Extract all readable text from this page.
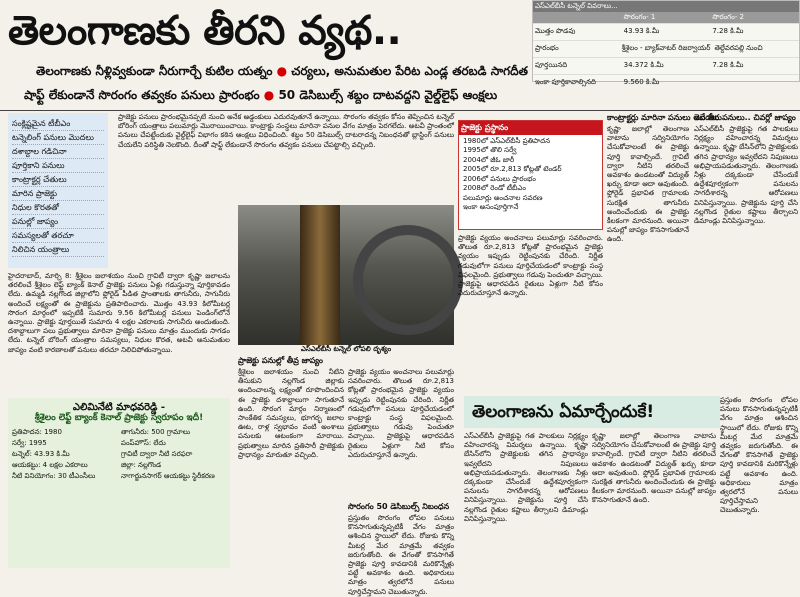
తెలంగాణకు తీరని వ్యథ..
తెలంగాణకు నీళ్లివ్వకుండా నీరుగార్చే కుటిల యత్నం ● చర్యలు, అనుమతుల పేరిట ఎండ్ల తరబడి సాగదీత
షాఫ్ట్ లేకుండానే సొరంగం తవ్వకం పనులు ప్రారంభం ● 50 డెసిబుల్స్ శబ్దం దాటవద్దని వైల్డ్‌లైఫ్ ఆంక్షలు
ఎస్‌ఎల్‌బీసీ టన్నెల్ వివరాలు...
సొరంగం- 1	సొరంగం- 2
మొత్తం పొడవు	43.93 కి.మీ	7.28 కి.మీ
ప్రారంభం	శ్రీశైలం - బ్యాక్‌వాటర్ రిజర్వాయర్ తెల్దేవరపల్లి నుంచి
పూర్తయినది	34.372 కి.మీ	7.28 కి.మీ
ఇంకా పూర్తికావాల్సినది	9.560 కి.మీ
సంక్లిష్టమైన టీబీఎం
టన్నెలింగ్ పనులు మొదలు
దశాబ్దాల గడిచినా
పూర్తికాని పనులు
కాంట్రాక్టర్ల చేతులు
మారిన ప్రాజెక్టు
నిధుల కొరతతో
పనుల్లో జాప్యం
సమస్యలతో తరచూ
నిలిచిన యంత్రాలు
హైదరాబాద్, మార్చి 8: శ్రీశైలం జలాశయం నుంచి గ్రావిటీ ద్వారా కృష్ణా జలాలను తరలించే శ్రీశైలం లెఫ్ట్ బ్యాంక్ కెనాల్ ప్రాజెక్టు పనులు ఏళ్లు గడుస్తున్నా పూర్తికావడం లేదు. ఉమ్మడి నల్లగొండ జిల్లాలోని ఫ్లోరైడ్ పీడిత ప్రాంతాలకు తాగునీరు, సాగునీరు అందించే లక్ష్యంతో ఈ ప్రాజెక్టును ప్రతిపాదించారు. మొత్తం 43.93 కిలోమీటర్ల సొరంగ మార్గంలో ఇప్పటికీ సుమారు 9.56 కిలోమీటర్ల పనులు పెండింగ్‌లోనే ఉన్నాయి. ప్రాజెక్టు పూర్తయితే సుమారు 4 లక్షల ఎకరాలకు సాగునీరు అందుతుంది. దశాబ్దాలుగా పలు ప్రభుత్వాలు మారినా ప్రాజెక్టు పనులు మాత్రం ముందుకు సాగడం లేదు. టన్నెల్ బోరింగ్ యంత్రాల సమస్యలు, నిధుల కొరత, అటవీ అనుమతుల జాప్యం వంటి కారణాలతో పనులు తరచూ నిలిచిపోతున్నాయి.
ప్రాజెక్టు పనులు ప్రారంభమైనప్పటి నుంచి అనేక అడ్డంకులు ఎదురవుతూనే ఉన్నాయి. సొరంగం తవ్వకం కోసం తెప్పించిన టన్నెల్ బోరింగ్ యంత్రాలు పలుమార్లు మొరాయించాయి. కాంట్రాక్టు సంస్థలు మారినా పనుల వేగం మాత్రం పెరగలేదు. అటవీ ప్రాంతంలో పనులు చేపట్టేందుకు వైల్డ్‌లైఫ్ విభాగం కఠిన ఆంక్షలు విధించింది. శబ్దం 50 డెసిబుల్స్ దాటరాదన్న నిబంధనతో బ్లాస్టింగ్ పనులు చేయలేని పరిస్థితి నెలకొంది. దీంతో షాఫ్ట్ లేకుండానే సొరంగం తవ్వకం పనులు చేపట్టాల్సి వచ్చింది.
ఎస్‌ఎల్‌బీసీ టన్నెల్ లోపలి దృశ్యం
ప్రాజెక్టు పనుల్లో తీవ్ర జాప్యం
శ్రీశైలం జలాశయం నుంచి నీటిని తీసుకుని నల్లగొండ జిల్లాకు అందించాలన్న లక్ష్యంతో రూపొందించిన ఈ ప్రాజెక్టు దశాబ్దాలుగా సాగుతూనే ఉంది. సొరంగ మార్గం నిర్మాణంలో సాంకేతిక సమస్యలు, భూగర్భ జలాల ఊట, రాళ్ల స్వభావం వంటి అంశాలు పనులకు ఆటంకంగా మారాయి. ప్రభుత్వాలు మారిన ప్రతిసారీ ప్రాజెక్టుకు ప్రాధాన్యం మారుతూ వచ్చింది.
ప్రాజెక్టు వ్యయం అంచనాలు పలుమార్లు సవరించారు. తొలుత రూ.2,813 కోట్లతో ప్రారంభమైన ప్రాజెక్టు వ్యయం ఇప్పుడు రెట్టింపునకు చేరింది. నిర్ణీత గడువులోగా పనులు పూర్తిచేయడంలో కాంట్రాక్టు సంస్థ విఫలమైంది. ప్రభుత్వాలు గడువు పెంచుతూ వచ్చాయి. ప్రాజెక్టుపై ఆధారపడిన రైతులు ఏళ్లుగా నీటి కోసం ఎదురుచూస్తూనే ఉన్నారు.
సొరంగం 50 డెసిబుల్స్ నిబంధన
ప్రస్తుతం సొరంగం లోపల పనులు కొనసాగుతున్నప్పటికీ వేగం మాత్రం ఆశించిన స్థాయిలో లేదు. రోజుకు కొన్ని మీటర్ల మేర మాత్రమే తవ్వకం జరుగుతోంది. ఈ వేగంతో కొనసాగితే ప్రాజెక్టు పూర్తి కావడానికి మరికొన్నేళ్లు పట్టే అవకాశం ఉంది. అధికారులు మాత్రం త్వరలోనే పనులు పూర్తిచేస్తామని చెబుతున్నారు.
ప్రాజెక్టు ప్రస్థానం
1980లో ఎస్‌ఎల్‌బీసీ ప్రతిపాదన
1995లో తొలి సర్వే
2004లో జీఓ జారీ
2005లో రూ.2,813 కోట్లతో టెండర్
2006లో పనులు ప్రారంభం
2008లో రెండో టీబీఎం
పలుమార్లు అంచనాల సవరణ
ఇంకా అసంపూర్తిగానే
కాంట్రాక్టర్లు మారినా పనులు అదే తీరు
కృష్ణా జలాల్లో తెలంగాణ వాటాను సద్వినియోగం చేసుకోవాలంటే ఈ ప్రాజెక్టు పూర్తి కావాల్సిందే. గ్రావిటీ ద్వారా నీటిని తరలించే అవకాశం ఉండటంతో విద్యుత్ ఖర్చు కూడా ఆదా అవుతుంది. ఫ్లోరైడ్ ప్రభావిత గ్రామాలకు సురక్షిత తాగునీరు అందించేందుకు ఈ ప్రాజెక్టు కీలకంగా మారనుంది. అయినా పనుల్లో జాప్యం కొనసాగుతూనే ఉంది.
మొదలు పనులు.. చివర్లో జాప్యం
ఎస్‌ఎల్‌బీసీ ప్రాజెక్టుపై గత పాలకులు నిర్లక్ష్యం వహించారన్న విమర్శలు ఉన్నాయి. కృష్ణా బేసిన్‌లోని ప్రాజెక్టులకు తగిన ప్రాధాన్యం ఇవ్వలేదని నిపుణులు అభిప్రాయపడుతున్నారు. తెలంగాణకు నీళ్లు దక్కకుండా చేసేందుకే ఉద్దేశపూర్వకంగా పనులను సాగదీశారన్న ఆరోపణలు వినిపిస్తున్నాయి. ప్రాజెక్టును పూర్తి చేసి నల్లగొండ రైతుల కష్టాలు తీర్చాలని డిమాండ్లు వినిపిస్తున్నాయి.
ప్రాజెక్టు వ్యయం అంచనాలు పలుమార్లు సవరించారు. తొలుత రూ.2,813 కోట్లతో ప్రారంభమైన ప్రాజెక్టు వ్యయం ఇప్పుడు రెట్టింపునకు చేరింది. నిర్ణీత గడువులోగా పనులు పూర్తిచేయడంలో కాంట్రాక్టు సంస్థ విఫలమైంది. ప్రభుత్వాలు గడువు పెంచుతూ వచ్చాయి. ప్రాజెక్టుపై ఆధారపడిన రైతులు ఏళ్లుగా నీటి కోసం ఎదురుచూస్తూనే ఉన్నారు.
ఎలిమినేటి మాధవరెడ్డి -
శ్రీశైలం లెఫ్ట్ బ్యాంక్ కెనాల్ ప్రాజెక్టు స్వరూపం ఇదీ!
ప్రతిపాదన: 1980
సర్వే: 1995
టన్నెల్: 43.93 కి.మీ
ఆయకట్టు: 4 లక్షల ఎకరాలు
నీటి వినియోగం: 30 టీఎంసీలు
తాగునీరు: 500 గ్రామాలు
పంప్‌హౌస్: లేదు
గ్రావిటీ ద్వారా నీటి సరఫరా
జిల్లా: నల్లగొండ
నాగార్జునసాగర్ ఆయకట్టు స్థిరీకరణ
తెలంగాణను ఏమార్చేందుకే!
ఎస్‌ఎల్‌బీసీ ప్రాజెక్టుపై గత పాలకులు నిర్లక్ష్యం వహించారన్న విమర్శలు ఉన్నాయి. కృష్ణా బేసిన్‌లోని ప్రాజెక్టులకు తగిన ప్రాధాన్యం ఇవ్వలేదని నిపుణులు అభిప్రాయపడుతున్నారు. తెలంగాణకు నీళ్లు దక్కకుండా చేసేందుకే ఉద్దేశపూర్వకంగా పనులను సాగదీశారన్న ఆరోపణలు వినిపిస్తున్నాయి. ప్రాజెక్టును పూర్తి చేసి నల్లగొండ రైతుల కష్టాలు తీర్చాలని డిమాండ్లు వినిపిస్తున్నాయి.
కృష్ణా జలాల్లో తెలంగాణ వాటాను సద్వినియోగం చేసుకోవాలంటే ఈ ప్రాజెక్టు పూర్తి కావాల్సిందే. గ్రావిటీ ద్వారా నీటిని తరలించే అవకాశం ఉండటంతో విద్యుత్ ఖర్చు కూడా ఆదా అవుతుంది. ఫ్లోరైడ్ ప్రభావిత గ్రామాలకు సురక్షిత తాగునీరు అందించేందుకు ఈ ప్రాజెక్టు కీలకంగా మారనుంది. అయినా పనుల్లో జాప్యం కొనసాగుతూనే ఉంది.
ప్రస్తుతం సొరంగం లోపల పనులు కొనసాగుతున్నప్పటికీ వేగం మాత్రం ఆశించిన స్థాయిలో లేదు. రోజుకు కొన్ని మీటర్ల మేర మాత్రమే తవ్వకం జరుగుతోంది. ఈ వేగంతో కొనసాగితే ప్రాజెక్టు పూర్తి కావడానికి మరికొన్నేళ్లు పట్టే అవకాశం ఉంది. అధికారులు మాత్రం త్వరలోనే పనులు పూర్తిచేస్తామని చెబుతున్నారు.
